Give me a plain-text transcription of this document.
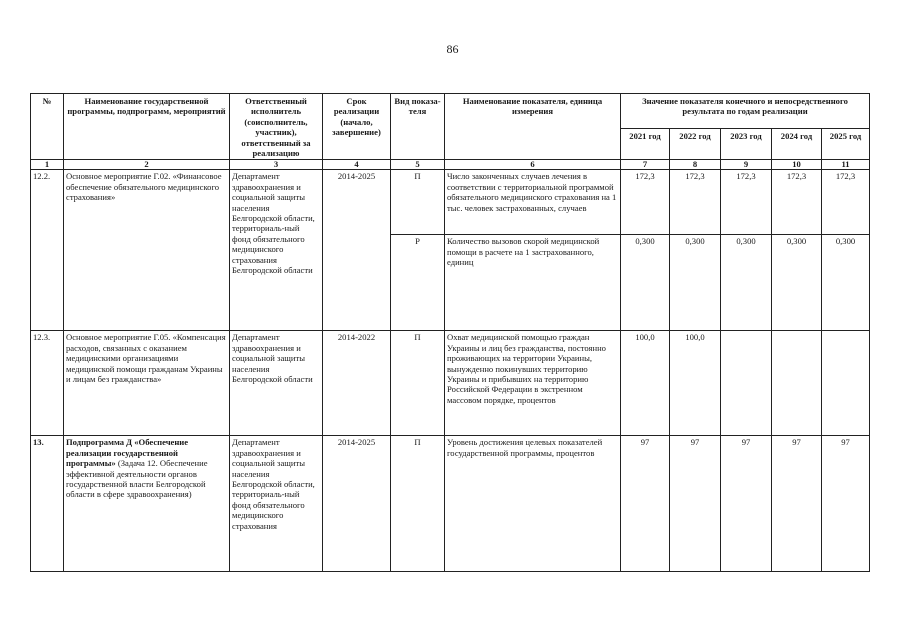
86
№	Наименование государственной программы, подпрограмм, мероприятий	Ответственный исполнитель (соисполнитель, участник), ответственный за реализацию	Срок реализации (начало, завершение)	Вид показа-теля	Наименование показателя, единица измерения	Значение показателя конечного и непосредственного результата по годам реализации				
						2021 год	2022 год	2023 год	2024 год	2025 год
1	2	3	4	5	6	7	8	9	10	11
12.2.	Основное мероприятие Г.02. «Финансовое обеспечение обязательного медицинского страхования»	Департамент здравоохранения и социальной защиты населения Белгородской области, территориаль-ный фонд обязательного медицинского страхования Белгородской области	2014-2025	П	Число законченных случаев лечения в соответствии с территориальной программой обязательного медицинского страхования на 1 тыс. человек застрахованных, случаев	172,3	172,3	172,3	172,3	172,3
				Р	Количество вызовов скорой медицинской помощи в расчете на 1 застрахованного, единиц	0,300	0,300	0,300	0,300	0,300
12.3.	Основное мероприятие Г.05. «Компенсация расходов, связанных с оказанием медицинскими организациями медицинской помощи гражданам Украины и лицам без гражданства»	Департамент здравоохранения и социальной защиты населения Белгородской области	2014-2022	П	Охват медицинской помощью граждан Украины и лиц без гражданства, постоянно проживающих на территории Украины, вынужденно покинувших территорию Украины и прибывших на территорию Российской Федерации в экстренном массовом порядке, процентов	100,0	100,0			
13.	Подпрограмма Д «Обеспечение реализации государственной программы» (Задача 12. Обеспечение эффективной деятельности органов государственной власти Белгородской области в сфере здравоохранения)	Департамент здравоохранения и социальной защиты населения Белгородской области, территориаль-ный фонд обязательного медицинского страхования	2014-2025	П	Уровень достижения целевых показателей государственной программы, процентов	97	97	97	97	97
